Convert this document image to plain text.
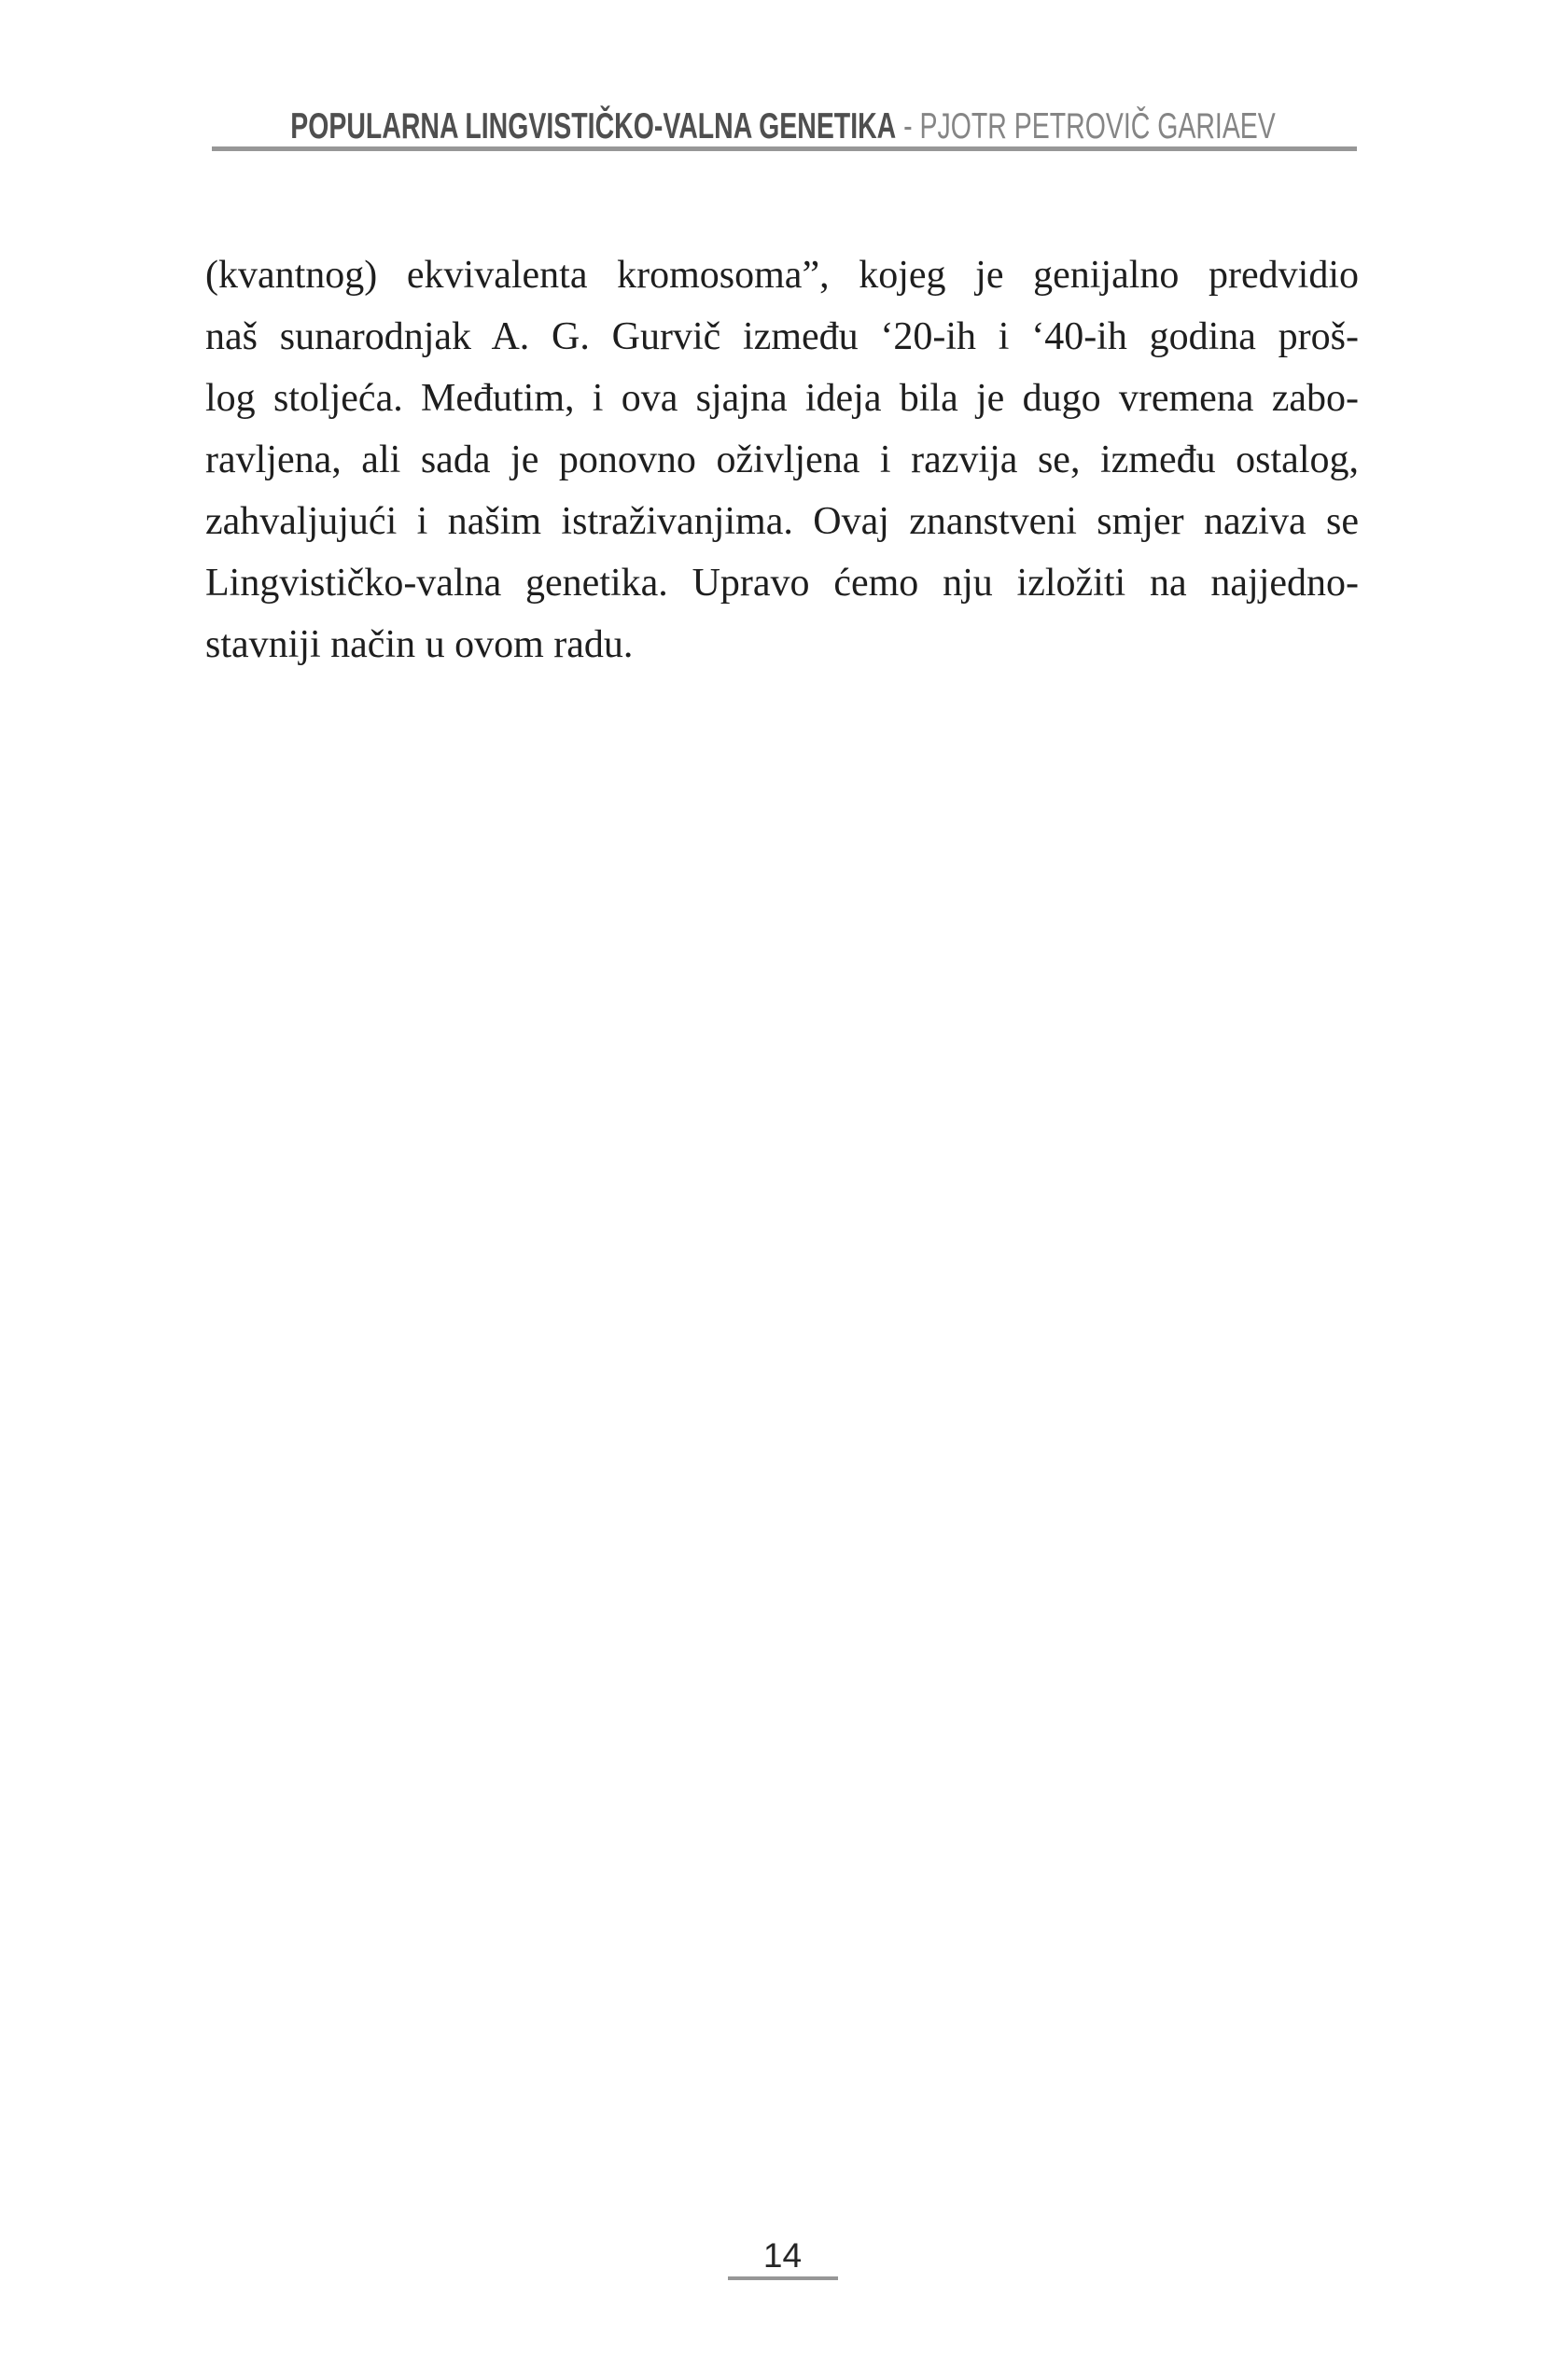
POPULARNA LINGVISTIČKO-VALNA GENETIKA - PJOTR PETROVIČ GARIAEV
(kvantnog) ekvivalenta kromosoma”, kojeg je genijalno predvidio
naš sunarodnjak A. G. Gurvič između ‘20-ih i ‘40-ih godina proš-
log stoljeća. Međutim, i ova sjajna ideja bila je dugo vremena zabo-
ravljena, ali sada je ponovno oživljena i razvija se, između ostalog,
zahvaljujući i našim istraživanjima. Ovaj znanstveni smjer naziva se
Lingvističko-valna genetika. Upravo ćemo nju izložiti na najjedno-
stavniji način u ovom radu.
14
